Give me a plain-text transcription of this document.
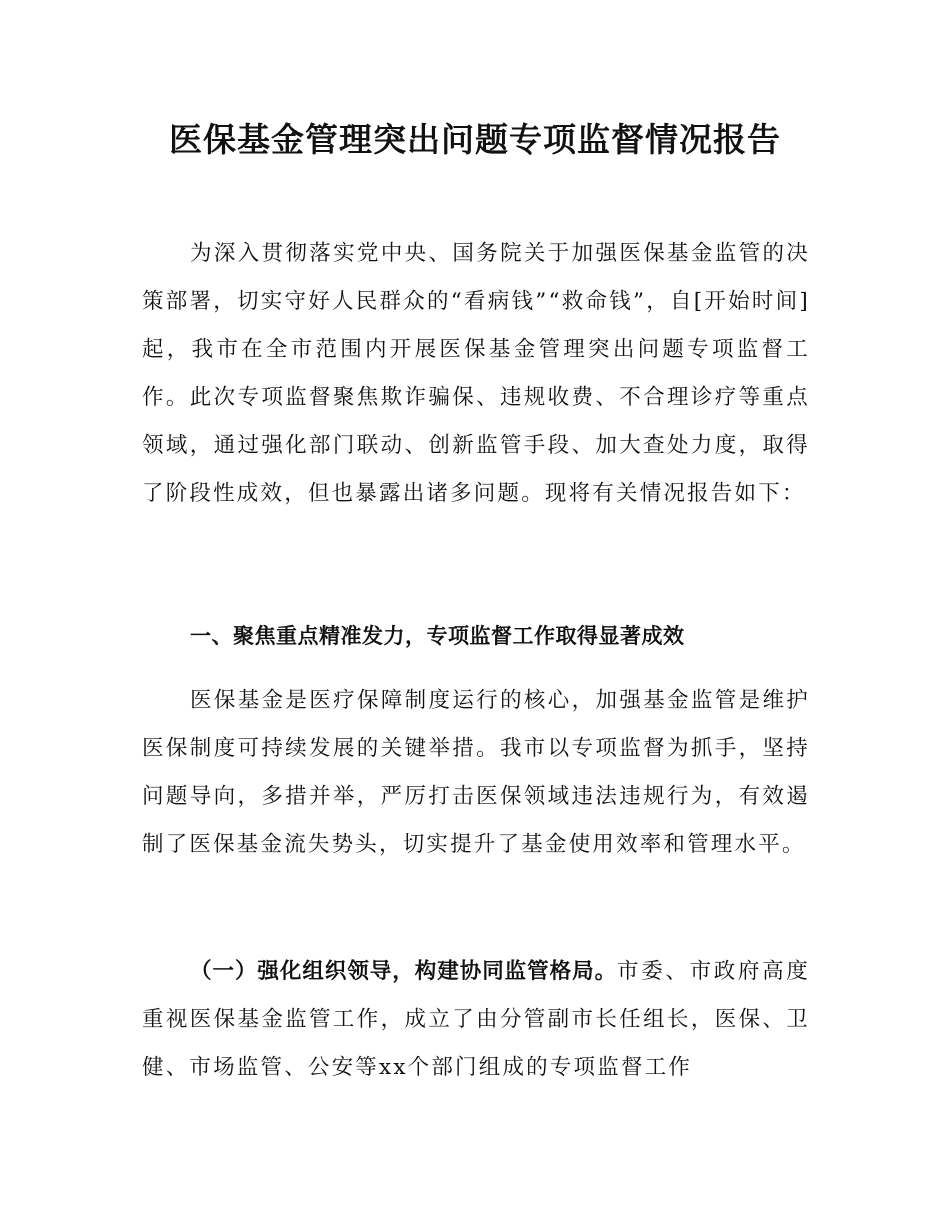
医保基金管理突出问题专项监督情况报告

为深入贯彻落实党中央、国务院关于加强医保基金监管的决策部署，切实守好人民群众的“看病钱”“救命钱”，自[开始时间]起，我市在全市范围内开展医保基金管理突出问题专项监督工作。此次专项监督聚焦欺诈骗保、违规收费、不合理诊疗等重点领域，通过强化部门联动、创新监管手段、加大查处力度，取得了阶段性成效，但也暴露出诸多问题。现将有关情况报告如下：

一、聚焦重点精准发力，专项监督工作取得显著成效

医保基金是医疗保障制度运行的核心，加强基金监管是维护医保制度可持续发展的关键举措。我市以专项监督为抓手，坚持问题导向，多措并举，严厉打击医保领域违法违规行为，有效遏制了医保基金流失势头，切实提升了基金使用效率和管理水平。

（一）强化组织领导，构建协同监管格局。市委、市政府高度重视医保基金监管工作，成立了由分管副市长任组长，医保、卫健、市场监管、公安等xx个部门组成的专项监督工作
